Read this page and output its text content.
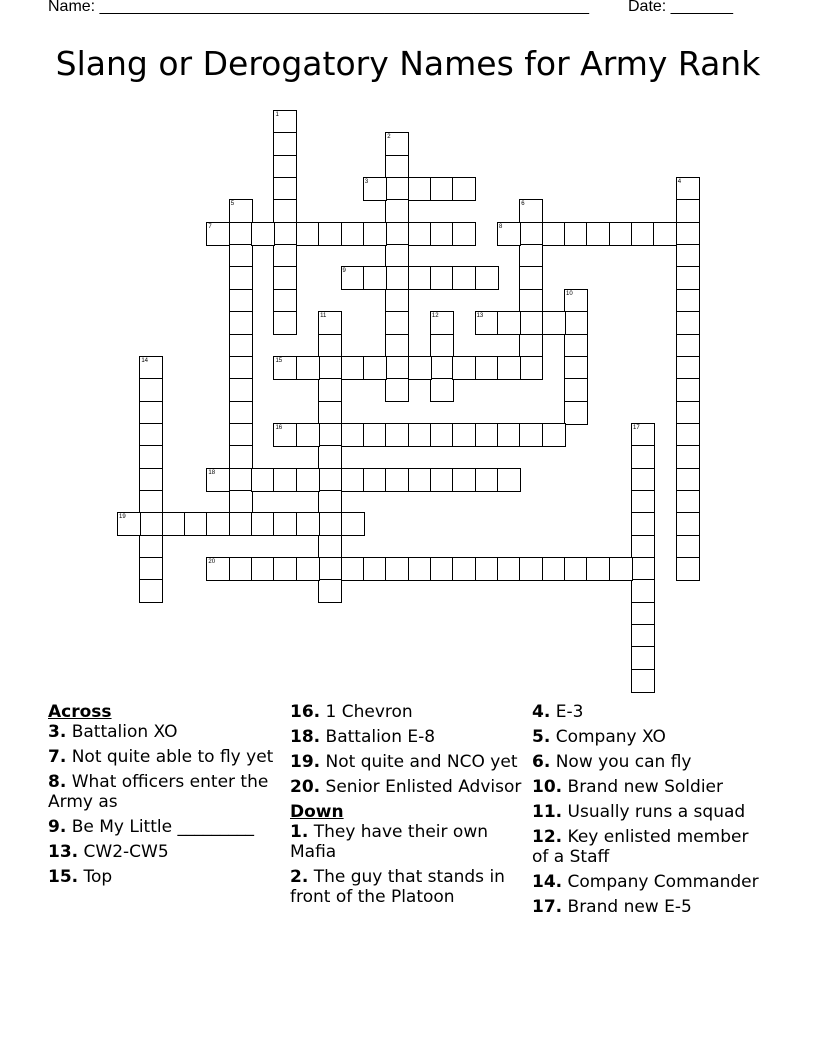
Name: _______________________________________________________ Date: _______
Slang or Derogatory Names for Army Rank
1
2
3	4
5	6
7	8
9
10
11	12	13
14	15
16	17
18
19
20

Across

3. Battalion XO

7. Not quite able to fly yet

8. What officers enter the Army as

9. Be My Little _________

13. CW2-CW5

15. Top

16. 1 Chevron

18. Battalion E-8

19. Not quite and NCO yet

20. Senior Enlisted Advisor

Down

1. They have their own Mafia

2. The guy that stands in front of the Platoon

4. E-3

5. Company XO

6. Now you can fly

10. Brand new Soldier

11. Usually runs a squad

12. Key enlisted member of a Staff

14. Company Commander

17. Brand new E-5
